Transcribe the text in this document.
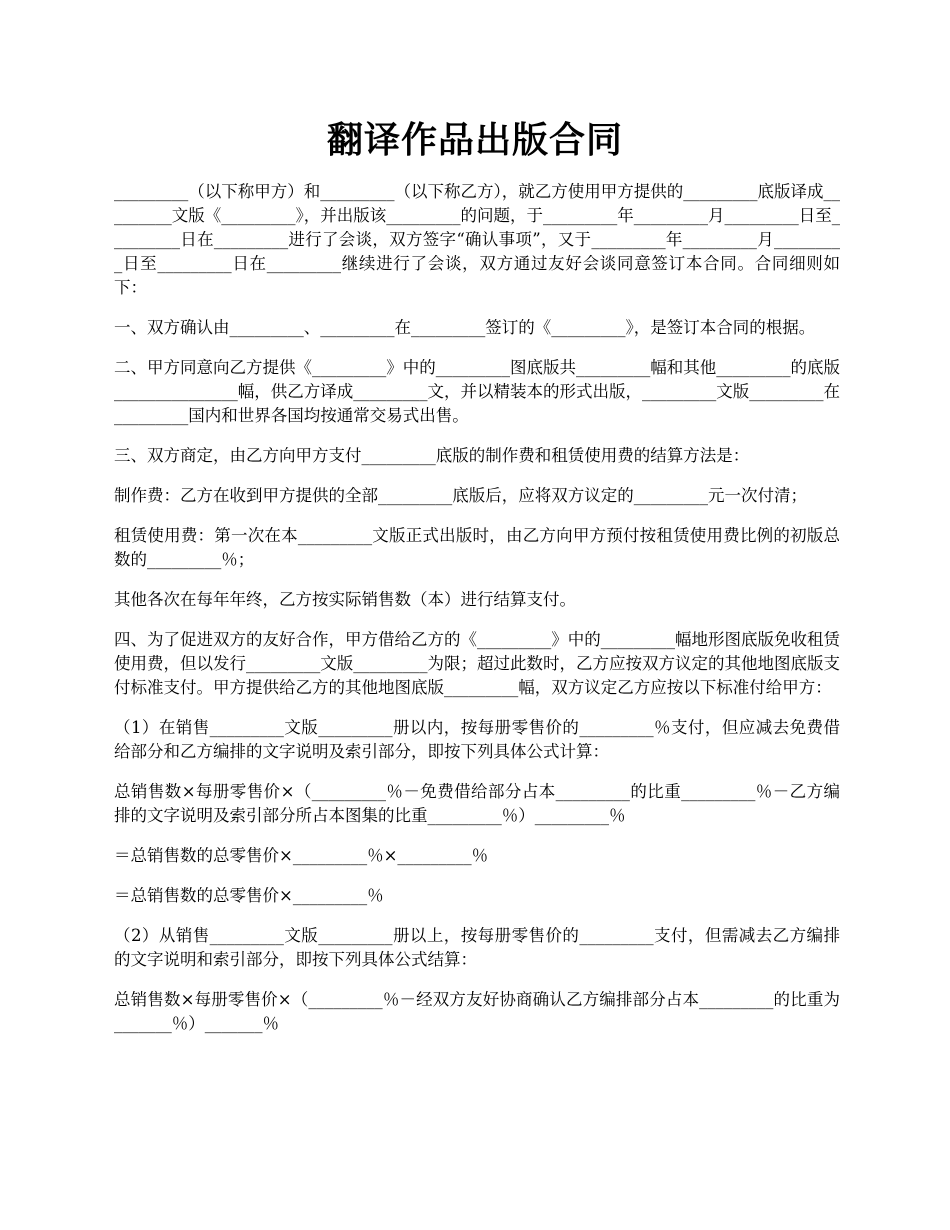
翻译作品出版合同

_________（以下称甲方）和_________（以下称乙方），就乙方使用甲方提供的_________底版译成_________文版《_________》，并出版该_________的问题，于_________年_________月_________日至_________日在_________进行了会谈，双方签字“确认事项”，又于_________年_________月_________日至_________日在_________继续进行了会谈，双方通过友好会谈同意签订本合同。合同细则如下：

一、双方确认由_________、_________在_________签订的《_________》，是签订本合同的根据。

二、甲方同意向乙方提供《_________》中的_________图底版共_________幅和其他_________的底版_______________幅，供乙方译成_________文，并以精装本的形式出版，_________文版_________在_________国内和世界各国均按通常交易式出售。

三、双方商定，由乙方向甲方支付_________底版的制作费和租赁使用费的结算方法是：

制作费：乙方在收到甲方提供的全部_________底版后，应将双方议定的_________元一次付清；

租赁使用费：第一次在本_________文版正式出版时，由乙方向甲方预付按租赁使用费比例的初版总数的_________％；

其他各次在每年年终，乙方按实际销售数（本）进行结算支付。

四、为了促进双方的友好合作，甲方借给乙方的《_________》中的_________幅地形图底版免收租赁使用费，但以发行_________文版_________为限；超过此数时，乙方应按双方议定的其他地图底版支付标准支付。甲方提供给乙方的其他地图底版_________幅，双方议定乙方应按以下标准付给甲方：

（1）在销售_________文版_________册以内，按每册零售价的_________％支付，但应减去免费借给部分和乙方编排的文字说明及索引部分，即按下列具体公式计算：

总销售数×每册零售价×（_________％－免费借给部分占本_________的比重_________％－乙方编排的文字说明及索引部分所占本图集的比重_________％）_________％

＝总销售数的总零售价×_________％×_________％

＝总销售数的总零售价×_________％

（2）从销售_________文版_________册以上，按每册零售价的_________支付，但需减去乙方编排的文字说明和索引部分，即按下列具体公式结算：

总销售数×每册零售价×（_________％－经双方友好协商确认乙方编排部分占本_________的比重为_______％）_______％
